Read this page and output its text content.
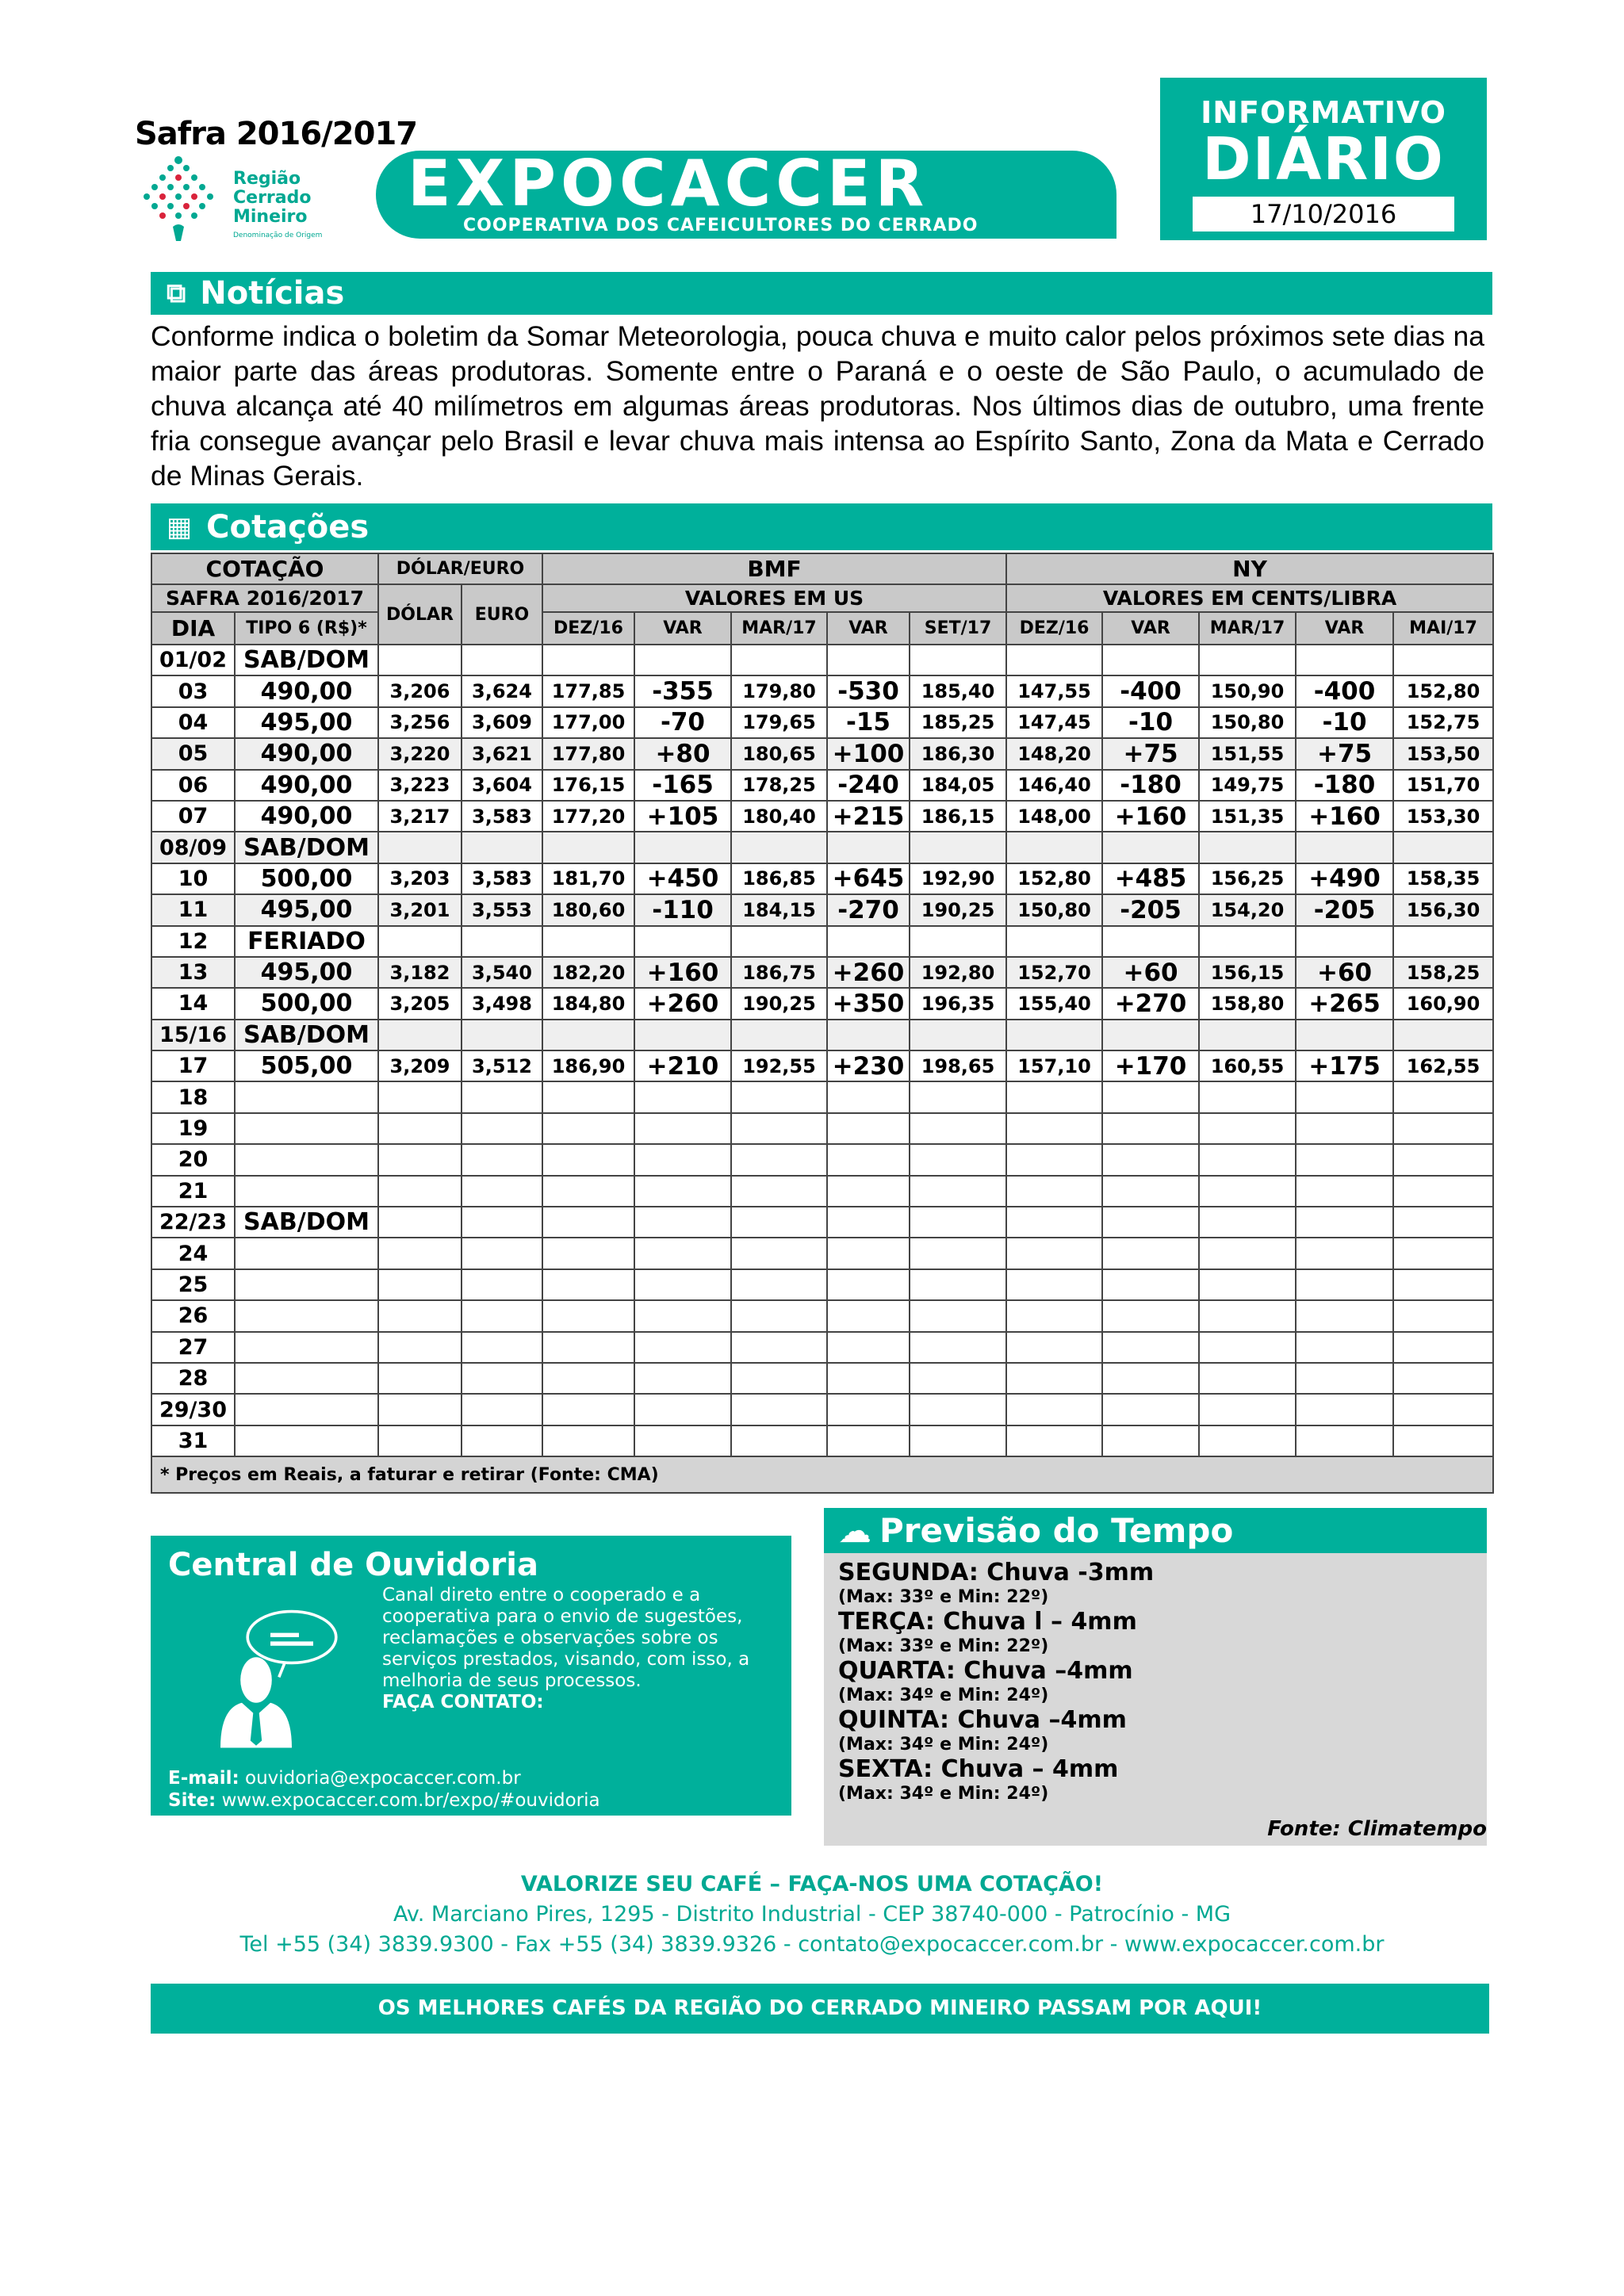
Safra 2016/2017
Região
Cerrado
Mineiro
Denominação de Origem
EXPOCACCER
COOPERATIVA DOS CAFEICULTORES DO CERRADO
INFORMATIVO
DIÁRIO
17/10/2016
⧉ Notícias
Conforme indica o boletim da Somar Meteorologia, pouca chuva e muito calor pelos próximos sete dias na maior parte das áreas produtoras. Somente entre o Paraná e o oeste de São Paulo, o acumulado de chuva alcança até 40 milímetros em algumas áreas produtoras. Nos últimos dias de outubro, uma frente fria consegue avançar pelo Brasil e levar chuva mais intensa ao Espírito Santo, Zona da Mata e Cerrado de Minas Gerais.
▦ Cotações
COTAÇÃO		DÓLAR/EURO		BMF					NY				
SAFRA 2016/2017		DÓLAR	EURO	VALORES EM US					VALORES EM CENTS/LIBRA				
DIA	TIPO 6 (R$)*			DEZ/16	VAR	MAR/17	VAR	SET/17	DEZ/16	VAR	MAR/17	VAR	MAI/17
01/02	SAB/DOM												
03	490,00	3,206	3,624	177,85	-355	179,80	-530	185,40	147,55	-400	150,90	-400	152,80
04	495,00	3,256	3,609	177,00	-70	179,65	-15	185,25	147,45	-10	150,80	-10	152,75
05	490,00	3,220	3,621	177,80	+80	180,65	+100	186,30	148,20	+75	151,55	+75	153,50
06	490,00	3,223	3,604	176,15	-165	178,25	-240	184,05	146,40	-180	149,75	-180	151,70
07	490,00	3,217	3,583	177,20	+105	180,40	+215	186,15	148,00	+160	151,35	+160	153,30
08/09	SAB/DOM												
10	500,00	3,203	3,583	181,70	+450	186,85	+645	192,90	152,80	+485	156,25	+490	158,35
11	495,00	3,201	3,553	180,60	-110	184,15	-270	190,25	150,80	-205	154,20	-205	156,30
12	FERIADO												
13	495,00	3,182	3,540	182,20	+160	186,75	+260	192,80	152,70	+60	156,15	+60	158,25
14	500,00	3,205	3,498	184,80	+260	190,25	+350	196,35	155,40	+270	158,80	+265	160,90
15/16	SAB/DOM												
17	505,00	3,209	3,512	186,90	+210	192,55	+230	198,65	157,10	+170	160,55	+175	162,55
18													
19													
20													
21													
22/23	SAB/DOM												
24													
25													
26													
27													
28													
29/30													
31													
* Preços em Reais, a faturar e retirar (Fonte: CMA)													
Central de Ouvidoria
Canal direto entre o cooperado e a cooperativa para o envio de sugestões, reclamações e observações sobre os serviços prestados, visando, com isso, a melhoria de seus processos.
FAÇA CONTATO:
E-mail: ouvidoria@expocaccer.com.br
Site: www.expocaccer.com.br/expo/#ouvidoria
☁ Previsão do Tempo
SEGUNDA: Chuva -3mm
(Max: 33º e Min: 22º)
TERÇA: Chuva l – 4mm
(Max: 33º e Min: 22º)
QUARTA: Chuva –4mm
(Max: 34º e Min: 24º)
QUINTA: Chuva –4mm
(Max: 34º e Min: 24º)
SEXTA: Chuva – 4mm
(Max: 34º e Min: 24º)
Fonte: Climatempo
VALORIZE SEU CAFÉ – FAÇA-NOS UMA COTAÇÃO!
Av. Marciano Pires, 1295 - Distrito Industrial - CEP 38740-000 - Patrocínio - MG
Tel +55 (34) 3839.9300 - Fax +55 (34) 3839.9326 - contato@expocaccer.com.br - www.expocaccer.com.br
OS MELHORES CAFÉS DA REGIÃO DO CERRADO MINEIRO PASSAM POR AQUI!
